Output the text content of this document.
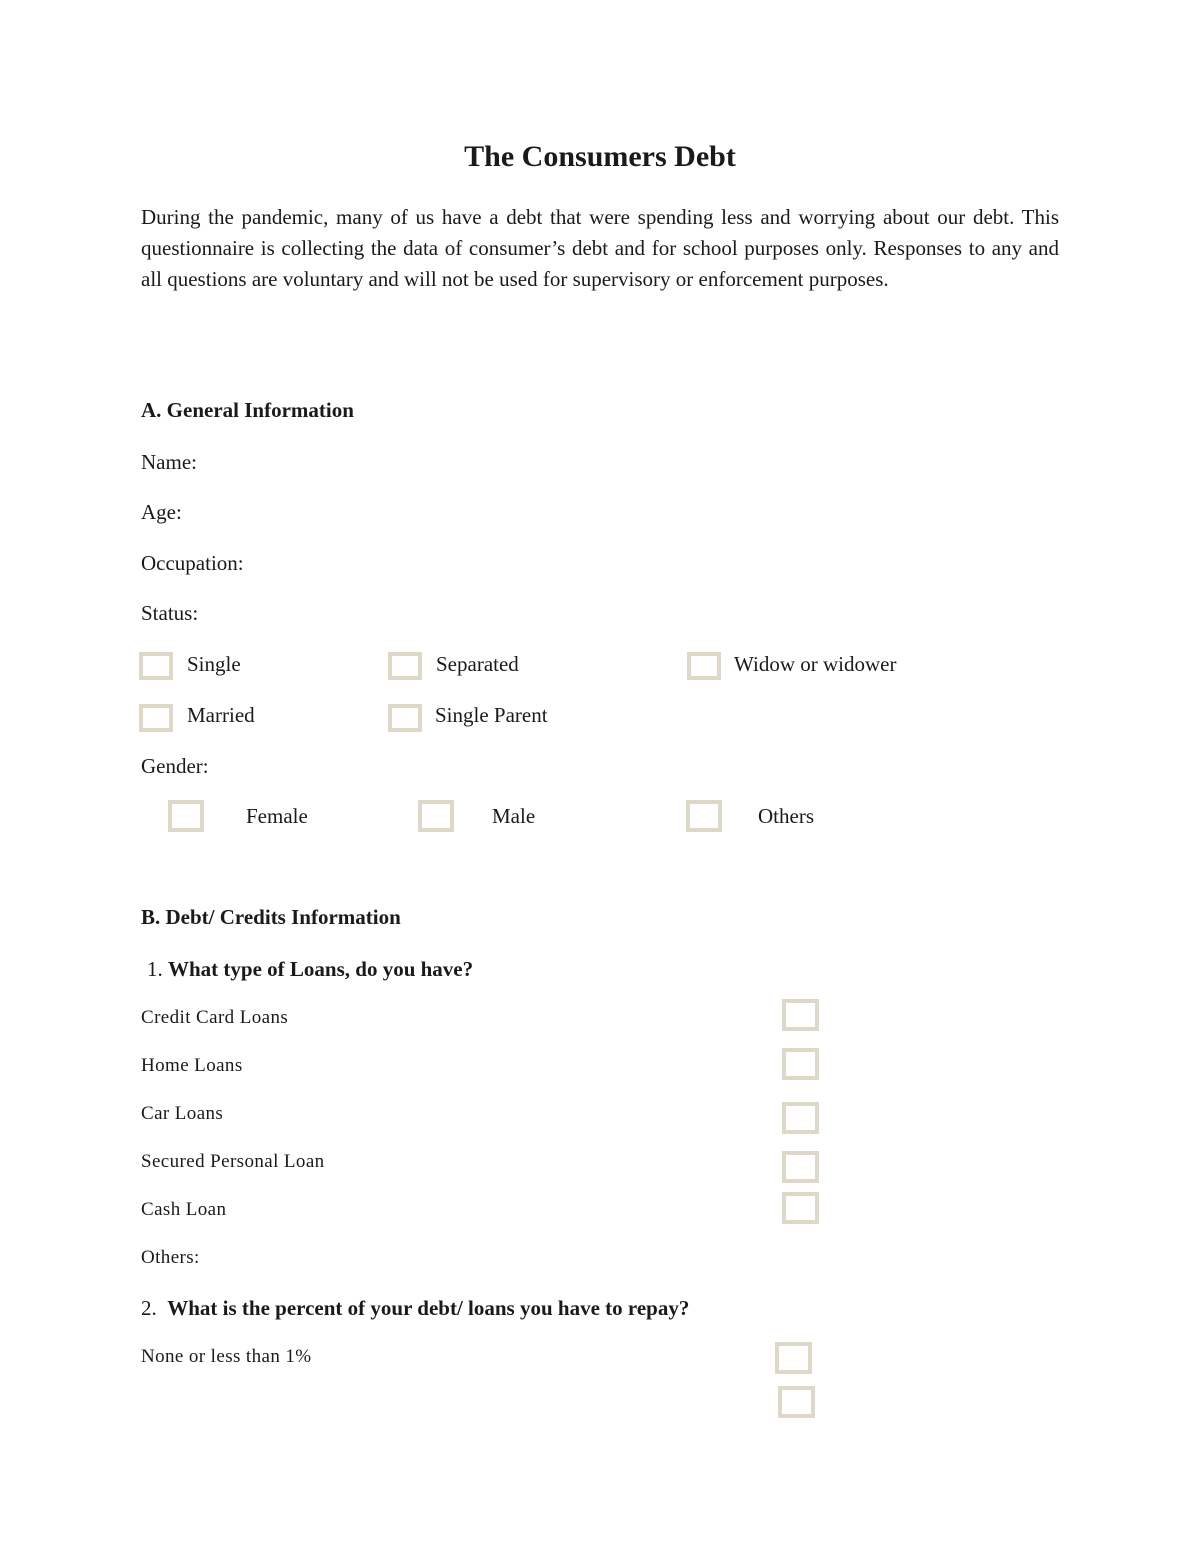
The Consumers Debt
During the pandemic, many of us have a debt that were spending less and worrying about our debt. This questionnaire is collecting the data of consumer’s debt and for school purposes only. Responses to any and all questions are voluntary and will not be used for supervisory or enforcement purposes.
A. General Information
Name:
Age:
Occupation:
Status:
Single	Separated	Widow or widower
Married	Single Parent
Gender:
Female	Male	Others
B. Debt/ Credits Information
1. What type of Loans, do you have?
Credit Card Loans
Home Loans
Car Loans
Secured Personal Loan
Cash Loan
Others:
2. What is the percent of your debt/ loans you have to repay?
None or less than 1%
